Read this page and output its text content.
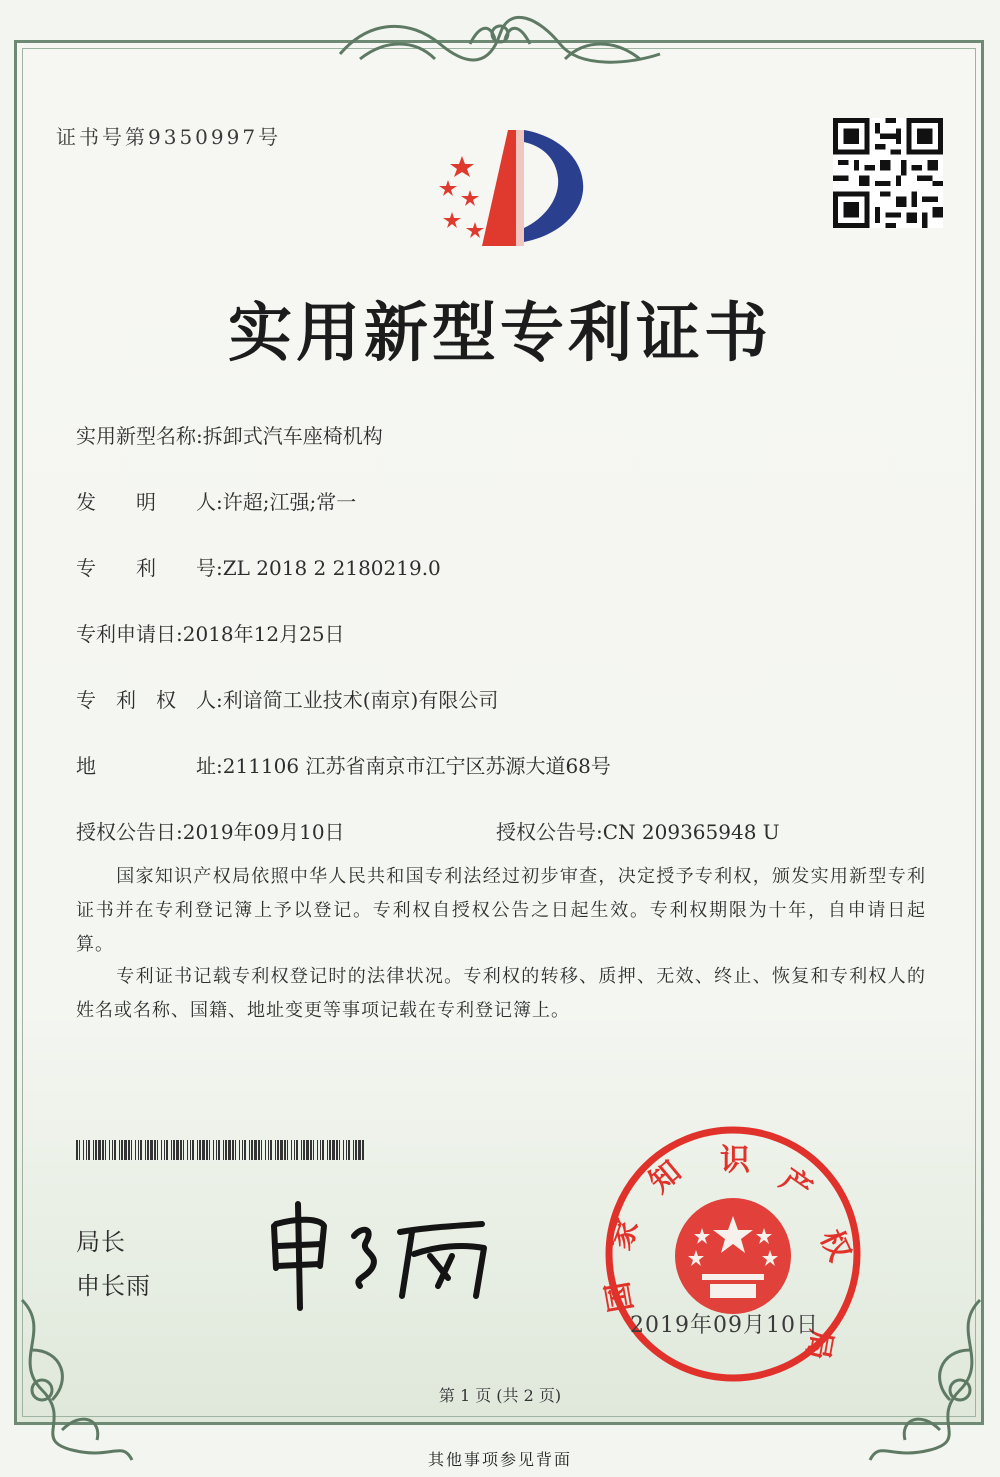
证书号第9350997号
实用新型专利证书
实用新型名称:拆卸式汽车座椅机构
发 明 人 :许超;江强;常一
专 利 号 :ZL 2018 2 2180219.0
专利申请日:2018年12月25日
专 利 权 人 :利谙简工业技术(南京)有限公司
地	址 :211106 江苏省南京市江宁区苏源大道68号
授权公告日:2019年09月10日	授权公告号:CN 209365948 U
国家知识产权局依照中华人民共和国专利法经过初步审查，决定授予专利权，颁发实用新型专利证书并在专利登记簿上予以登记。专利权自授权公告之日起生效。专利权期限为十年，自申请日起算。
专利证书记载专利权登记时的法律状况。专利权的转移、质押、无效、终止、恢复和专利权人的姓名或名称、国籍、地址变更等事项记载在专利登记簿上。
局长
申长雨
家
知 识
产
权
国
局
2019年09月10日
第 1 页 (共 2 页)
其他事项参见背面
